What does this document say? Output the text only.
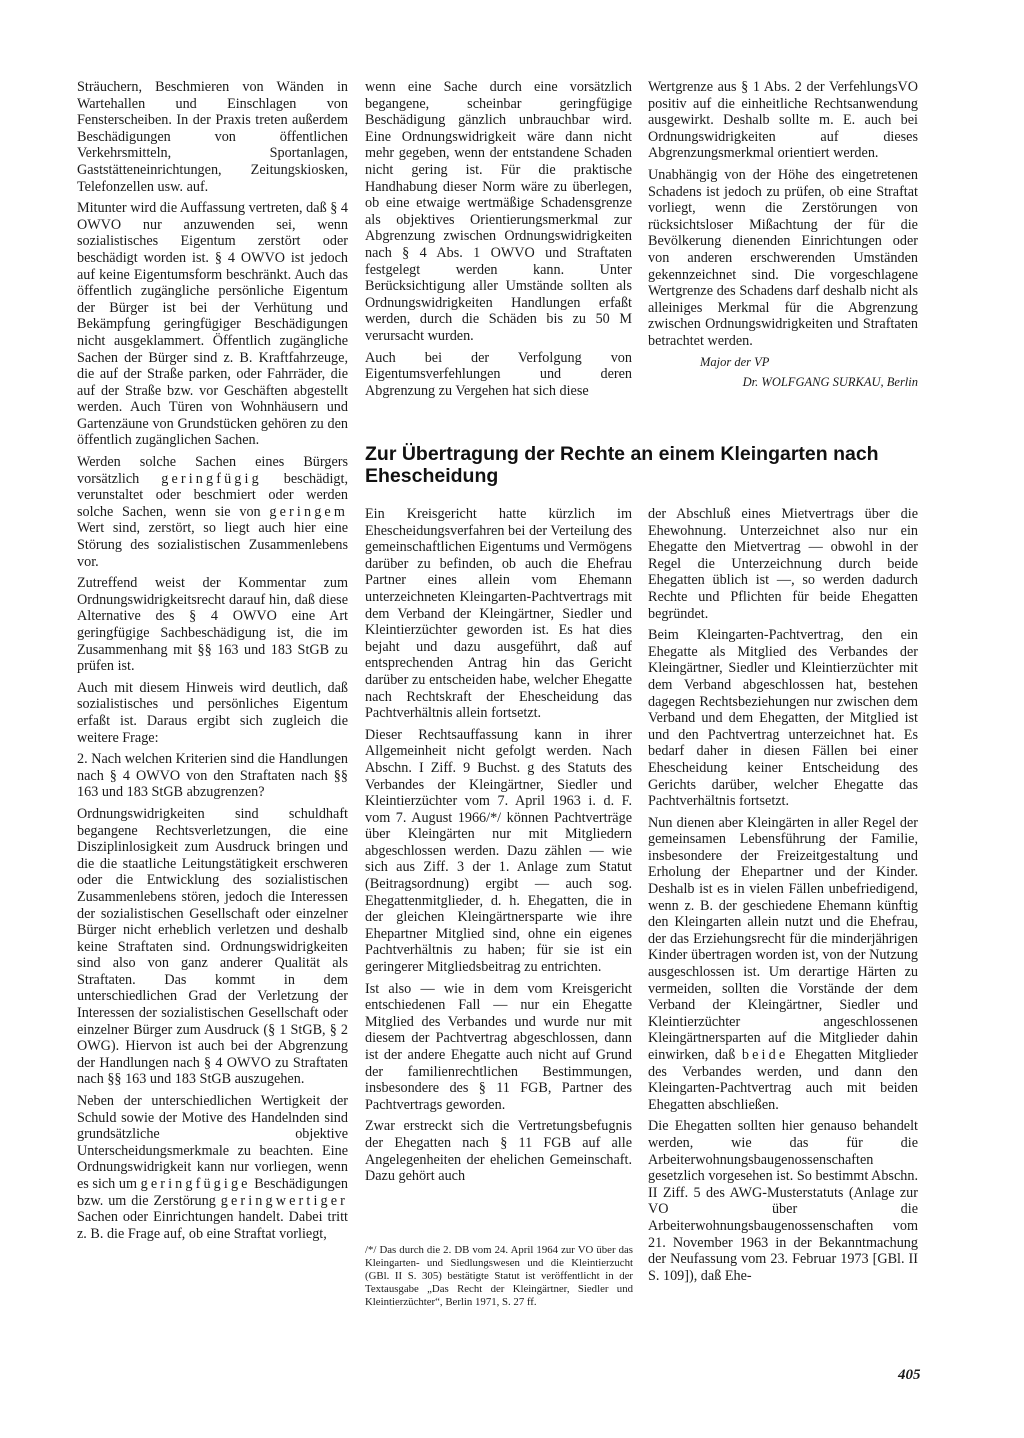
Sträuchern, Beschmieren von Wänden in Wartehallen und Einschlagen von Fensterscheiben. In der Praxis treten außerdem Beschädigungen von öffentlichen Verkehrsmitteln, Sportanlagen, Gaststätteneinrichtungen, Zeitungskiosken, Telefonzellen usw. auf.

Mitunter wird die Auffassung vertreten, daß § 4 OWVO nur anzuwenden sei, wenn sozialistisches Eigentum zerstört oder beschädigt worden ist. § 4 OWVO ist jedoch auf keine Eigentumsform beschränkt. Auch das öffentlich zugängliche persönliche Eigentum der Bürger ist bei der Verhütung und Bekämpfung geringfügiger Beschädigungen nicht ausgeklammert. Öffentlich zugängliche Sachen der Bürger sind z. B. Kraftfahrzeuge, die auf der Straße parken, oder Fahrräder, die auf der Straße bzw. vor Geschäften abgestellt werden. Auch Türen von Wohnhäusern und Gartenzäune von Grundstücken gehören zu den öffentlich zugänglichen Sachen.

Werden solche Sachen eines Bürgers vorsätzlich geringfügig beschädigt, verunstaltet oder beschmiert oder werden solche Sachen, wenn sie von geringem Wert sind, zerstört, so liegt auch hier eine Störung des sozialistischen Zusammenlebens vor.

Zutreffend weist der Kommentar zum Ordnungswidrigkeitsrecht darauf hin, daß diese Alternative des § 4 OWVO eine Art geringfügige Sachbeschädigung ist, die im Zusammenhang mit §§ 163 und 183 StGB zu prüfen ist.

Auch mit diesem Hinweis wird deutlich, daß sozialistisches und persönliches Eigentum erfaßt ist. Daraus ergibt sich zugleich die weitere Frage:

2. Nach welchen Kriterien sind die Handlungen nach § 4 OWVO von den Straftaten nach §§ 163 und 183 StGB abzugrenzen?

Ordnungswidrigkeiten sind schuldhaft begangene Rechtsverletzungen, die eine Disziplinlosigkeit zum Ausdruck bringen und die die staatliche Leitungstätigkeit erschweren oder die Entwicklung des sozialistischen Zusammenlebens stören, jedoch die Interessen der sozialistischen Gesellschaft oder einzelner Bürger nicht erheblich verletzen und deshalb keine Straftaten sind. Ordnungswidrigkeiten sind also von ganz anderer Qualität als Straftaten. Das kommt in dem unterschiedlichen Grad der Verletzung der Interessen der sozialistischen Gesellschaft oder einzelner Bürger zum Ausdruck (§ 1 StGB, § 2 OWG). Hiervon ist auch bei der Abgrenzung der Handlungen nach § 4 OWVO zu Straftaten nach §§ 163 und 183 StGB auszugehen.

Neben der unterschiedlichen Wertigkeit der Schuld sowie der Motive des Handelnden sind grundsätzliche objektive Unterscheidungsmerkmale zu beachten. Eine Ordnungswidrigkeit kann nur vorliegen, wenn es sich um geringfügige Beschädigungen bzw. um die Zerstörung geringwertiger Sachen oder Einrichtungen handelt. Dabei tritt z. B. die Frage auf, ob eine Straftat vorliegt,

wenn eine Sache durch eine vorsätzlich begangene, scheinbar geringfügige Beschädigung gänzlich unbrauchbar wird. Eine Ordnungswidrigkeit wäre dann nicht mehr gegeben, wenn der entstandene Schaden nicht gering ist. Für die praktische Handhabung dieser Norm wäre zu überlegen, ob eine etwaige wertmäßige Schadensgrenze als objektives Orientierungsmerkmal zur Abgrenzung zwischen Ordnungswidrigkeiten nach § 4 Abs. 1 OWVO und Straftaten festgelegt werden kann. Unter Berücksichtigung aller Umstände sollten als Ordnungswidrigkeiten Handlungen erfaßt werden, durch die Schäden bis zu 50 M verursacht wurden.

Auch bei der Verfolgung von Eigentumsverfehlungen und deren Abgrenzung zu Vergehen hat sich diese

Wertgrenze aus § 1 Abs. 2 der VerfehlungsVO positiv auf die einheitliche Rechtsanwendung ausgewirkt. Deshalb sollte m. E. auch bei Ordnungswidrigkeiten auf dieses Abgrenzungsmerkmal orientiert werden.

Unabhängig von der Höhe des eingetretenen Schadens ist jedoch zu prüfen, ob eine Straftat vorliegt, wenn die Zerstörungen von rücksichtsloser Mißachtung der für die Bevölkerung dienenden Einrichtungen oder von anderen erschwerenden Umständen gekennzeichnet sind. Die vorgeschlagene Wertgrenze des Schadens darf deshalb nicht als alleiniges Merkmal für die Abgrenzung zwischen Ordnungswidrigkeiten und Straftaten betrachtet werden.

Major der VP

Dr. WOLFGANG SURKAU, Berlin

Zur Übertragung der Rechte an einem Kleingarten nach Ehescheidung

Ein Kreisgericht hatte kürzlich im Ehescheidungsverfahren bei der Verteilung des gemeinschaftlichen Eigentums und Vermögens darüber zu befinden, ob auch die Ehefrau Partner eines allein vom Ehemann unterzeichneten Kleingarten-Pachtvertrags mit dem Verband der Kleingärtner, Siedler und Kleintierzüchter geworden ist. Es hat dies bejaht und dazu ausgeführt, daß auf entsprechenden Antrag hin das Gericht darüber zu entscheiden habe, welcher Ehegatte nach Rechtskraft der Ehescheidung das Pachtverhältnis allein fortsetzt.

Dieser Rechtsauffassung kann in ihrer Allgemeinheit nicht gefolgt werden. Nach Abschn. I Ziff. 9 Buchst. g des Statuts des Verbandes der Kleingärtner, Siedler und Kleintierzüchter vom 7. April 1963 i. d. F. vom 7. August 1966/*/ können Pachtverträge über Kleingärten nur mit Mitgliedern abgeschlossen werden. Dazu zählen — wie sich aus Ziff. 3 der 1. Anlage zum Statut (Beitragsordnung) ergibt — auch sog. Ehegattenmitglieder, d. h. Ehegatten, die in der gleichen Kleingärtnersparte wie ihre Ehepartner Mitglied sind, ohne ein eigenes Pachtverhältnis zu haben; für sie ist ein geringerer Mitgliedsbeitrag zu entrichten.

Ist also — wie in dem vom Kreisgericht entschiedenen Fall — nur ein Ehegatte Mitglied des Verbandes und wurde nur mit diesem der Pachtvertrag abgeschlossen, dann ist der andere Ehegatte auch nicht auf Grund der familienrechtlichen Bestimmungen, insbesondere des § 11 FGB, Partner des Pachtvertrags geworden.

Zwar erstreckt sich die Vertretungsbefugnis der Ehegatten nach § 11 FGB auf alle Angelegenheiten der ehelichen Gemeinschaft. Dazu gehört auch

/*/ Das durch die 2. DB vom 24. April 1964 zur VO über das Kleingarten- und Siedlungswesen und die Kleintierzucht (GBl. II S. 305) bestätigte Statut ist veröffentlicht in der Textausgabe „Das Recht der Kleingärtner, Siedler und Kleintierzüchter“, Berlin 1971, S. 27 ff.

der Abschluß eines Mietvertrags über die Ehewohnung. Unterzeichnet also nur ein Ehegatte den Mietvertrag — obwohl in der Regel die Unterzeichnung durch beide Ehegatten üblich ist —, so werden dadurch Rechte und Pflichten für beide Ehegatten begründet.

Beim Kleingarten-Pachtvertrag, den ein Ehegatte als Mitglied des Verbandes der Kleingärtner, Siedler und Kleintierzüchter mit dem Verband abgeschlossen hat, bestehen dagegen Rechtsbeziehungen nur zwischen dem Verband und dem Ehegatten, der Mitglied ist und den Pachtvertrag unterzeichnet hat. Es bedarf daher in diesen Fällen bei einer Ehescheidung keiner Entscheidung des Gerichts darüber, welcher Ehegatte das Pachtverhältnis fortsetzt.

Nun dienen aber Kleingärten in aller Regel der gemeinsamen Lebensführung der Familie, insbesondere der Freizeitgestaltung und Erholung der Ehepartner und der Kinder. Deshalb ist es in vielen Fällen unbefriedigend, wenn z. B. der geschiedene Ehemann künftig den Kleingarten allein nutzt und die Ehefrau, der das Erziehungsrecht für die minderjährigen Kinder übertragen worden ist, von der Nutzung ausgeschlossen ist. Um derartige Härten zu vermeiden, sollten die Vorstände der dem Verband der Kleingärtner, Siedler und Kleintierzüchter angeschlossenen Kleingärtnersparten auf die Mitglieder dahin einwirken, daß beide Ehegatten Mitglieder des Verbandes werden, und dann den Kleingarten-Pachtvertrag auch mit beiden Ehegatten abschließen.

Die Ehegatten sollten hier genauso behandelt werden, wie das für die Arbeiterwohnungsbaugenossenschaften gesetzlich vorgesehen ist. So bestimmt Abschn. II Ziff. 5 des AWG-Musterstatuts (Anlage zur VO über die Arbeiterwohnungsbaugenossenschaften vom 21. November 1963 in der Bekanntmachung der Neufassung vom 23. Februar 1973 [GBl. II S. 109]), daß Ehe-

405
